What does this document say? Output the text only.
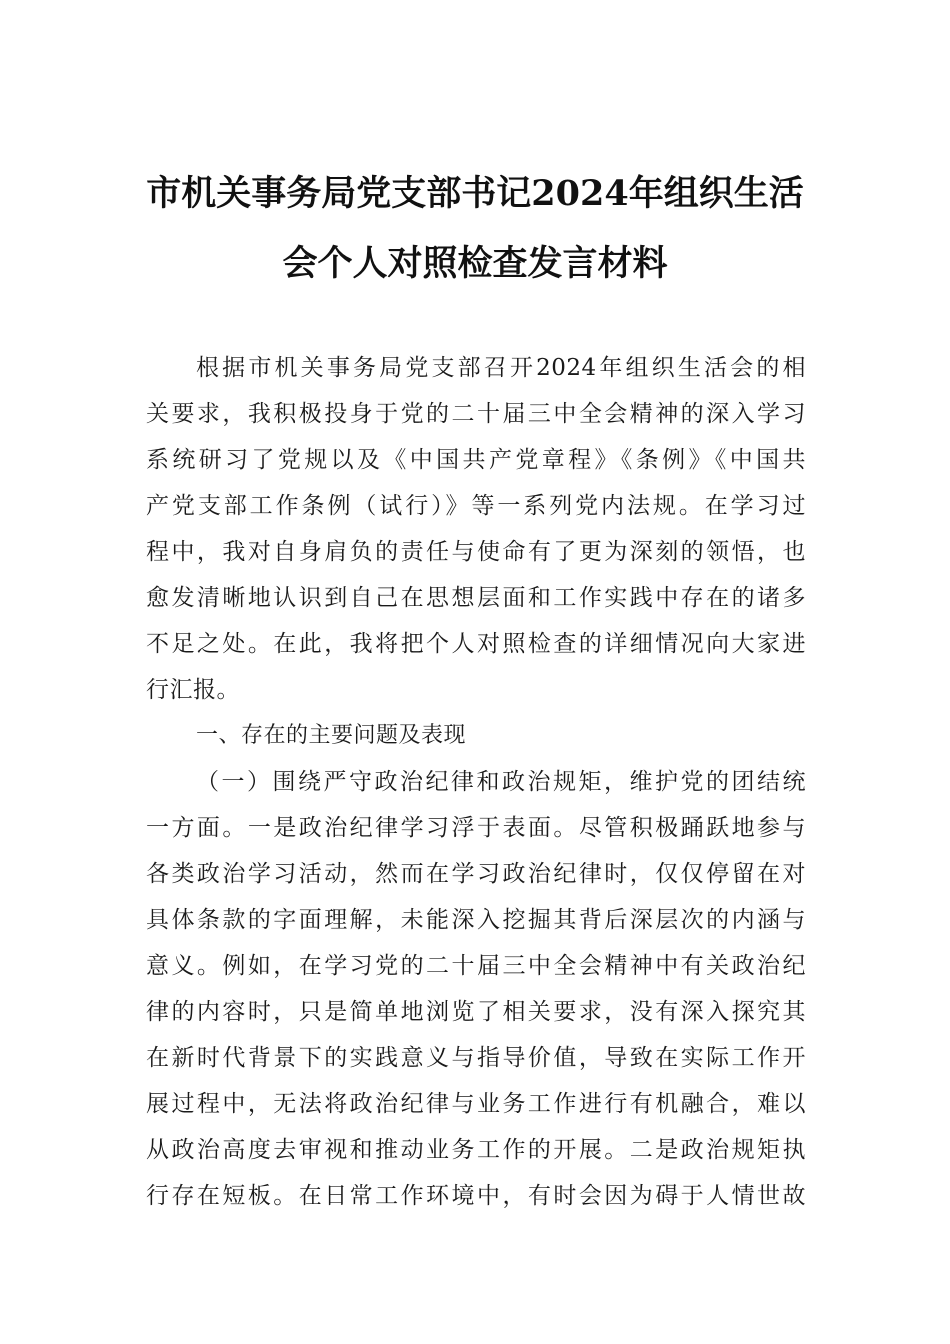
市机关事务局党支部书记2024年组织生活
会个人对照检查发言材料
根据市机关事务局党支部召开2024年组织生活会的相
关要求，我积极投身于党的二十届三中全会精神的深入学习
系统研习了党规以及《中国共产党章程》《条例》《中国共
产党支部工作条例（试行）》等一系列党内法规。在学习过
程中，我对自身肩负的责任与使命有了更为深刻的领悟，也
愈发清晰地认识到自己在思想层面和工作实践中存在的诸多
不足之处。在此，我将把个人对照检查的详细情况向大家进
行汇报。
一、存在的主要问题及表现
（一）围绕严守政治纪律和政治规矩，维护党的团结统
一方面。一是政治纪律学习浮于表面。尽管积极踊跃地参与
各类政治学习活动，然而在学习政治纪律时，仅仅停留在对
具体条款的字面理解，未能深入挖掘其背后深层次的内涵与
意义。例如，在学习党的二十届三中全会精神中有关政治纪
律的内容时，只是简单地浏览了相关要求，没有深入探究其
在新时代背景下的实践意义与指导价值，导致在实际工作开
展过程中，无法将政治纪律与业务工作进行有机融合，难以
从政治高度去审视和推动业务工作的开展。二是政治规矩执
行存在短板。在日常工作环境中，有时会因为碍于人情世故
